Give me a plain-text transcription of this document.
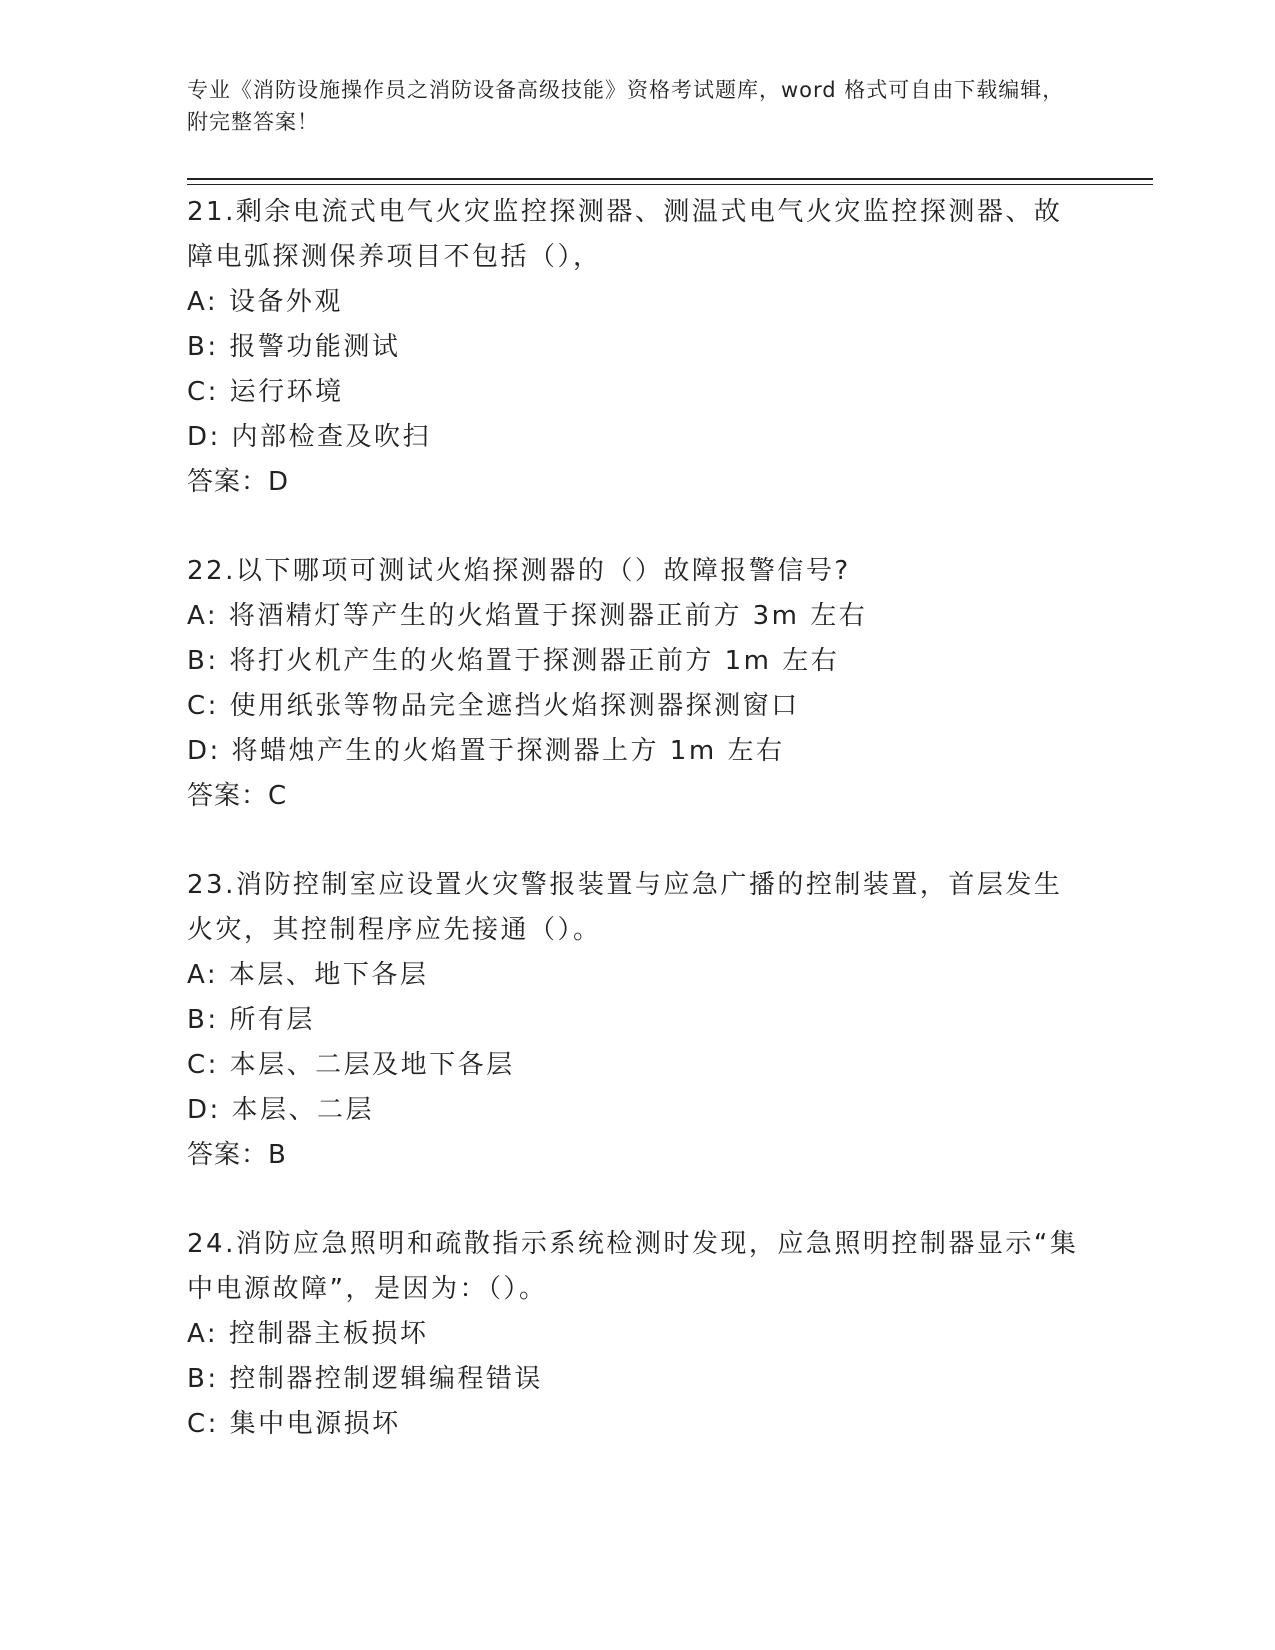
专业《消防设施操作员之消防设备高级技能》资格考试题库，word 格式可自由下载编辑，附完整答案！
21.剩余电流式电气火灾监控探测器、测温式电气火灾监控探测器、故障电弧探测保养项目不包括（），
A: 设备外观
B: 报警功能测试
C: 运行环境
D: 内部检查及吹扫
答案：D
22.以下哪项可测试火焰探测器的（）故障报警信号?
A: 将酒精灯等产生的火焰置于探测器正前方 3m 左右
B: 将打火机产生的火焰置于探测器正前方 1m 左右
C: 使用纸张等物品完全遮挡火焰探测器探测窗口
D: 将蜡烛产生的火焰置于探测器上方 1m 左右
答案：C
23.消防控制室应设置火灾警报装置与应急广播的控制装置，首层发生火灾，其控制程序应先接通（）。
A: 本层、地下各层
B: 所有层
C: 本层、二层及地下各层
D: 本层、二层
答案：B
24.消防应急照明和疏散指示系统检测时发现，应急照明控制器显示“集中电源故障”，是因为：（）。
A: 控制器主板损坏
B: 控制器控制逻辑编程错误
C: 集中电源损坏
